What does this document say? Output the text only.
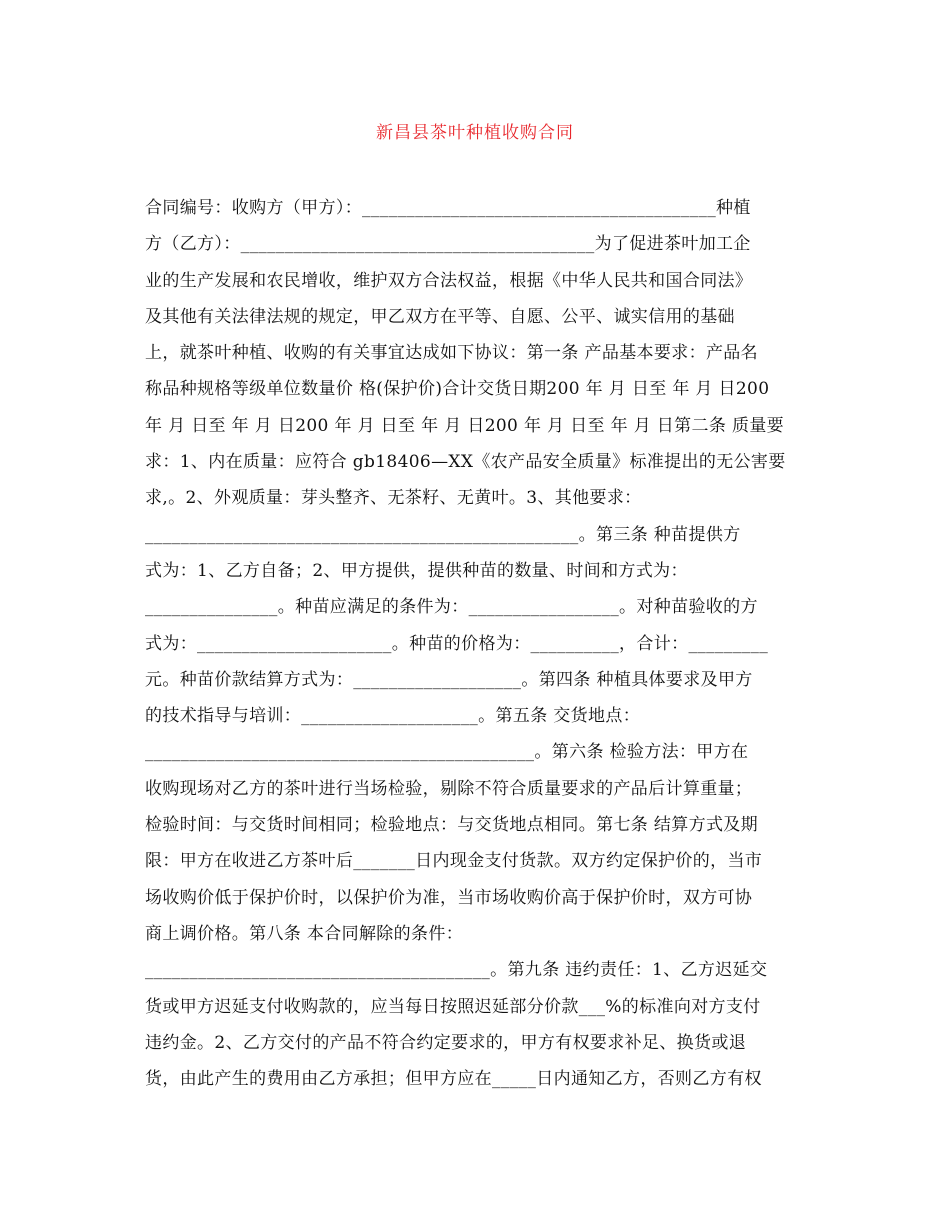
新昌县茶叶种植收购合同
合同编号：收购方（甲方）：________________________________________种植
方（乙方）：________________________________________为了促进茶叶加工企
业的生产发展和农民增收，维护双方合法权益，根据《中华人民共和国合同法》
及其他有关法律法规的规定，甲乙双方在平等、自愿、公平、诚实信用的基础
上，就茶叶种植、收购的有关事宜达成如下协议：第一条 产品基本要求：产品名
称品种规格等级单位数量价 格(保护价)合计交货日期200 年 月 日至 年 月 日200
年 月 日至 年 月 日200 年 月 日至 年 月 日200 年 月 日至 年 月 日第二条 质量要
求：1、内在质量：应符合 gb18406—XX《农产品安全质量》标准提出的无公害要
求,。2、外观质量：芽头整齐、无茶籽、无黄叶。3、其他要求：
_________________________________________________。第三条 种苗提供方
式为：1、乙方自备；2、甲方提供，提供种苗的数量、时间和方式为：
_______________。种苗应满足的条件为：_________________。对种苗验收的方
式为：______________________。种苗的价格为：__________，合计：_________
元。种苗价款结算方式为：___________________。第四条 种植具体要求及甲方
的技术指导与培训：____________________。第五条 交货地点：
____________________________________________。第六条 检验方法：甲方在
收购现场对乙方的茶叶进行当场检验，剔除不符合质量要求的产品后计算重量；
检验时间：与交货时间相同；检验地点：与交货地点相同。第七条 结算方式及期
限：甲方在收进乙方茶叶后_______日内现金支付货款。双方约定保护价的，当市
场收购价低于保护价时，以保护价为准，当市场收购价高于保护价时，双方可协
商上调价格。第八条 本合同解除的条件：
_______________________________________。第九条 违约责任：1、乙方迟延交
货或甲方迟延支付收购款的，应当每日按照迟延部分价款___%的标准向对方支付
违约金。2、乙方交付的产品不符合约定要求的，甲方有权要求补足、换货或退
货，由此产生的费用由乙方承担；但甲方应在_____日内通知乙方，否则乙方有权
